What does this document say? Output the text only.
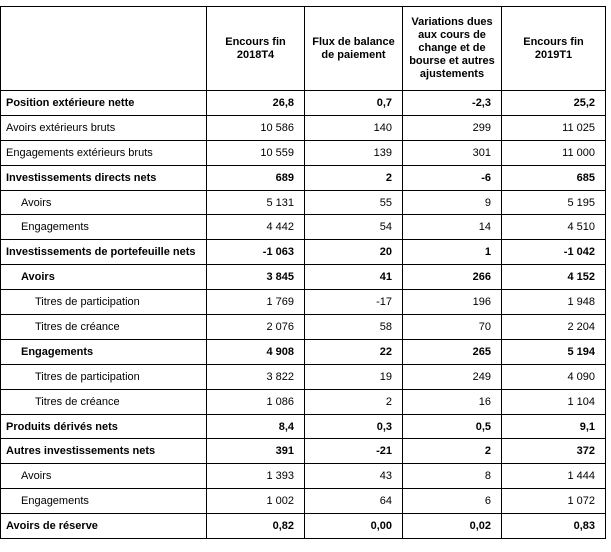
	Encours fin 2018T4	Flux de balance de paiement	Variations dues aux cours de change et de bourse et autres ajustements	Encours fin 2019T1
Position extérieure nette	26,8	0,7	-2,3	25,2
Avoirs extérieurs bruts	10 586	140	299	11 025
Engagements extérieurs bruts	10 559	139	301	11 000
Investissements directs nets	689	2	-6	685
Avoirs	5 131	55	9	5 195
Engagements	4 442	54	14	4 510
Investissements de portefeuille nets	-1 063	20	1	-1 042
Avoirs	3 845	41	266	4 152
Titres de participation	1 769	-17	196	1 948
Titres de créance	2 076	58	70	2 204
Engagements	4 908	22	265	5 194
Titres de participation	3 822	19	249	4 090
Titres de créance	1 086	2	16	1 104
Produits dérivés nets	8,4	0,3	0,5	9,1
Autres investissements nets	391	-21	2	372
Avoirs	1 393	43	8	1 444
Engagements	1 002	64	6	1 072
Avoirs de réserve	0,82	0,00	0,02	0,83
